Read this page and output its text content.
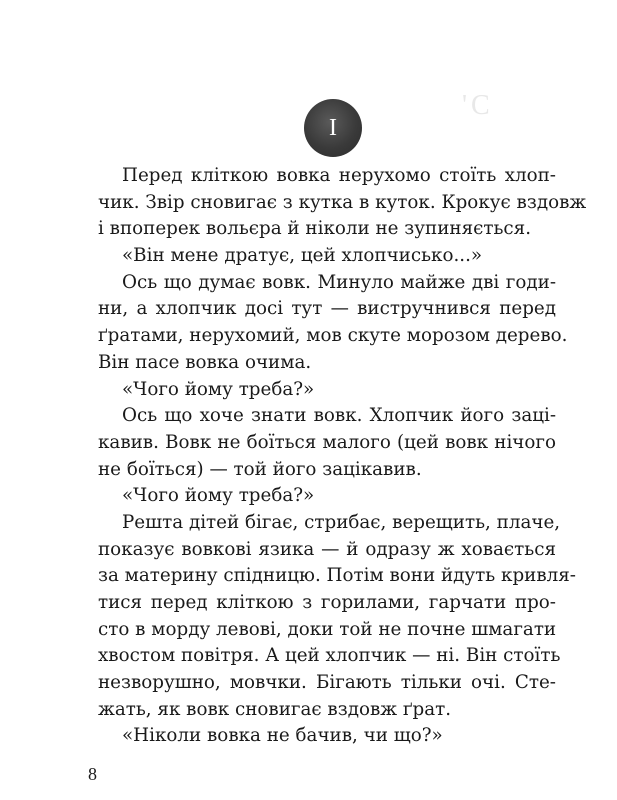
'С
I
Перед кліткою вовка нерухомо стоїть хлоп-
чик. Звір сновигає з кутка в куток. Крокує вздовж
і впоперек вольєра й ніколи не зупиняється.
«Він мене дратує, цей хлопчисько...»
Ось що думає вовк. Минуло майже дві годи-
ни, а хлопчик досі тут — вистручнився перед
ґратами, нерухомий, мов скуте морозом дерево.
Він пасе вовка очима.
«Чого йому треба?»
Ось що хоче знати вовк. Хлопчик його заці-
кавив. Вовк не боїться малого (цей вовк нічого
не боїться) — той його зацікавив.
«Чого йому треба?»
Решта дітей бігає, стрибає, верещить, плаче,
показує вовкові язика — й одразу ж ховається
за материну спідницю. Потім вони йдуть кривля-
тися перед кліткою з горилами, гарчати про-
сто в морду левові, доки той не почне шмагати
хвостом повітря. А цей хлопчик — ні. Він стоїть
незворушно, мовчки. Бігають тільки очі. Сте-
жать, як вовк сновигає вздовж ґрат.
«Ніколи вовка не бачив, чи що?»
8
